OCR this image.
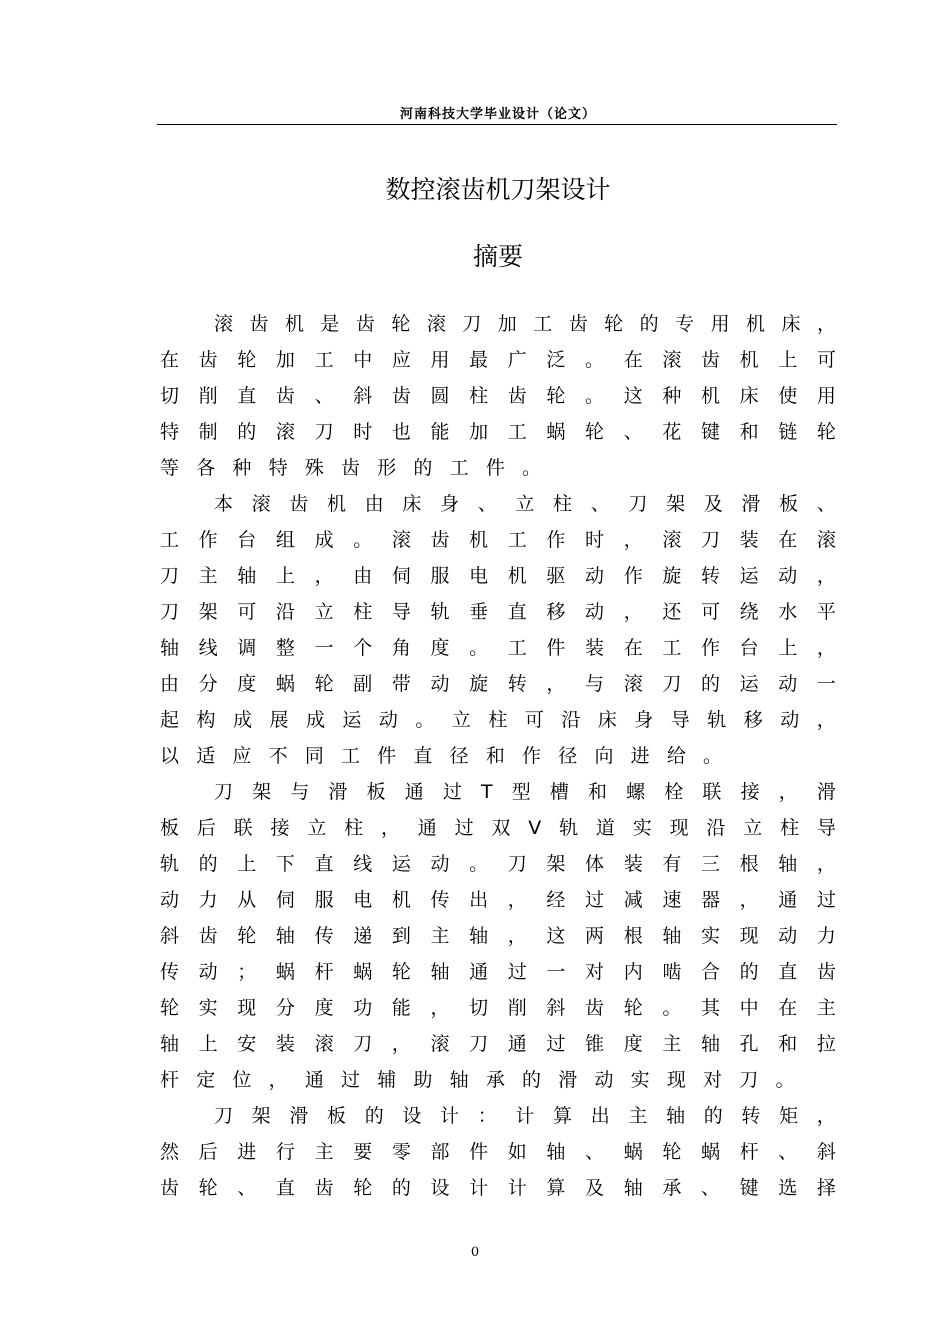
河南科技大学毕业设计（论文）
数控滚齿机刀架设计
摘要
滚 齿 机 是 齿 轮 滚 刀 加 工 齿 轮 的 专 用 机 床 ，
在 齿 轮 加 工 中 应 用 最 广 泛 。 在 滚 齿 机 上 可
切 削 直 齿 、 斜 齿 圆 柱 齿 轮 。 这 种 机 床 使 用
特 制 的 滚 刀 时 也 能 加 工 蜗 轮 、 花 键 和 链 轮
等 各 种 特 殊 齿 形 的 工 件 。
本 滚 齿 机 由 床 身 、 立 柱 、 刀 架 及 滑 板 、
工 作 台 组 成 。 滚 齿 机 工 作 时 ， 滚 刀 装 在 滚
刀 主 轴 上 ， 由 伺 服 电 机 驱 动 作 旋 转 运 动 ，
刀 架 可 沿 立 柱 导 轨 垂 直 移 动 ， 还 可 绕 水 平
轴 线 调 整 一 个 角 度 。 工 件 装 在 工 作 台 上 ，
由 分 度 蜗 轮 副 带 动 旋 转 ， 与 滚 刀 的 运 动 一
起 构 成 展 成 运 动 。 立 柱 可 沿 床 身 导 轨 移 动 ，
以 适 应 不 同 工 件 直 径 和 作 径 向 进 给 。
刀 架 与 滑 板 通 过 T 型 槽 和 螺 栓 联 接 ， 滑
板 后 联 接 立 柱 ， 通 过 双 V 轨 道 实 现 沿 立 柱 导
轨 的 上 下 直 线 运 动 。 刀 架 体 装 有 三 根 轴 ，
动 力 从 伺 服 电 机 传 出 ， 经 过 减 速 器 ， 通 过
斜 齿 轮 轴 传 递 到 主 轴 ， 这 两 根 轴 实 现 动 力
传 动 ； 蜗 杆 蜗 轮 轴 通 过 一 对 内 啮 合 的 直 齿
轮 实 现 分 度 功 能 ， 切 削 斜 齿 轮 。 其 中 在 主
轴 上 安 装 滚 刀 ， 滚 刀 通 过 锥 度 主 轴 孔 和 拉
杆 定 位 ， 通 过 辅 助 轴 承 的 滑 动 实 现 对 刀 。
刀 架 滑 板 的 设 计 ： 计 算 出 主 轴 的 转 矩 ，
然 后 进 行 主 要 零 部 件 如 轴 、 蜗 轮 蜗 杆 、 斜
齿 轮 、 直 齿 轮 的 设 计 计 算 及 轴 承 、 键 选 择
0
